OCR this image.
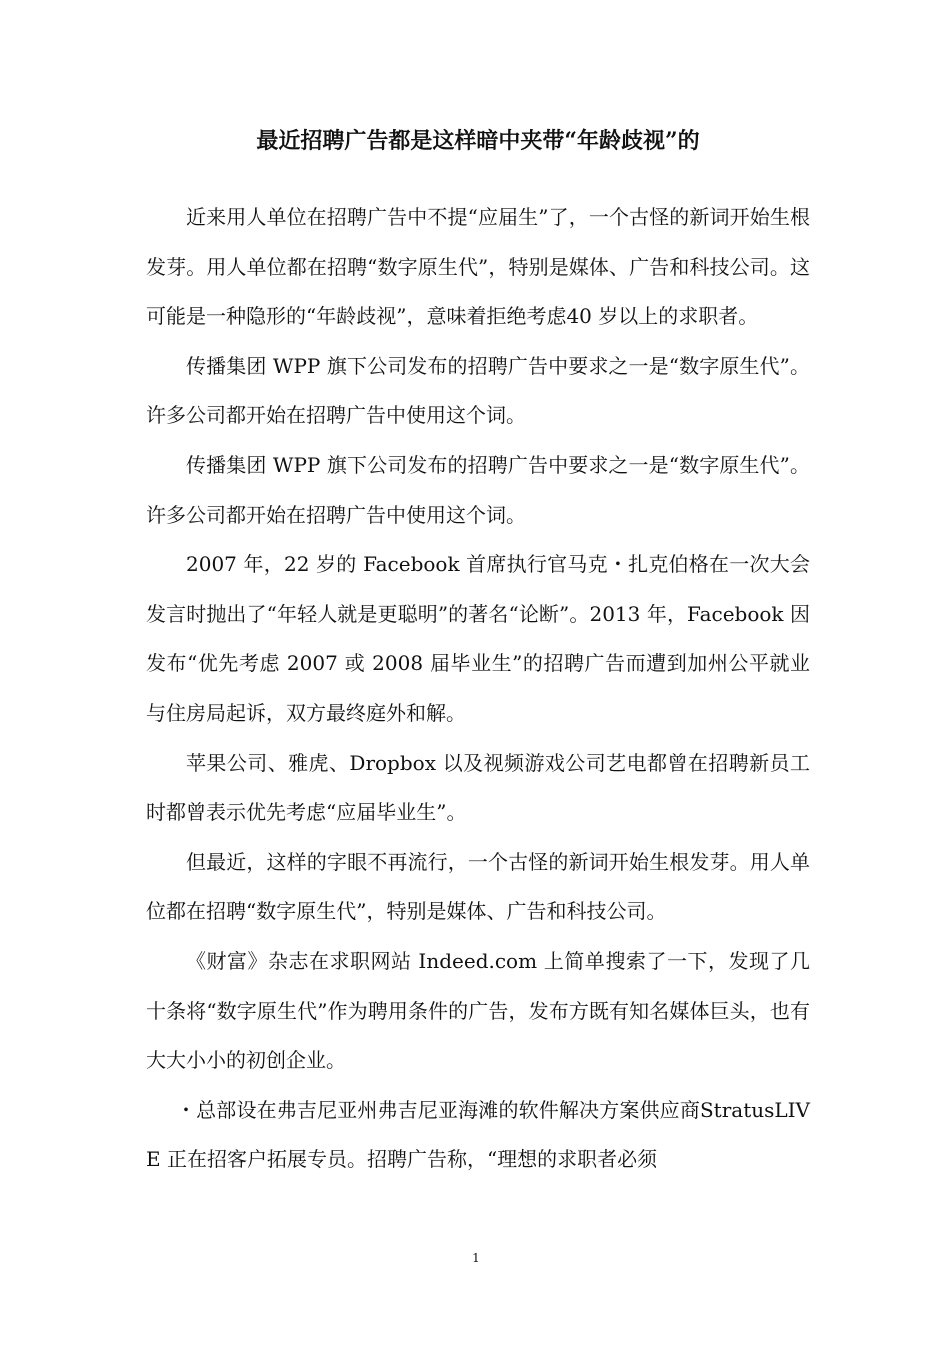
最近招聘广告都是这样暗中夹带“年龄歧视”的

近来用人单位在招聘广告中不提“应届生”了，一个古怪的新词开始生根发芽。用人单位都在招聘“数字原生代”，特别是媒体、广告和科技公司。这可能是一种隐形的“年龄歧视”，意味着拒绝考虑40 岁以上的求职者。

传播集团 WPP 旗下公司发布的招聘广告中要求之一是“数字原生代”。许多公司都开始在招聘广告中使用这个词。

传播集团 WPP 旗下公司发布的招聘广告中要求之一是“数字原生代”。许多公司都开始在招聘广告中使用这个词。

2007 年，22 岁的 Facebook 首席执行官马克・扎克伯格在一次大会发言时抛出了“年轻人就是更聪明”的著名“论断”。2013 年，Facebook 因发布“优先考虑 2007 或 2008 届毕业生”的招聘广告而遭到加州公平就业与住房局起诉，双方最终庭外和解。

苹果公司、雅虎、Dropbox 以及视频游戏公司艺电都曾在招聘新员工时都曾表示优先考虑“应届毕业生”。

但最近，这样的字眼不再流行，一个古怪的新词开始生根发芽。用人单位都在招聘“数字原生代”，特别是媒体、广告和科技公司。

《财富》杂志在求职网站 Indeed.com 上简单搜索了一下，发现了几十条将“数字原生代”作为聘用条件的广告，发布方既有知名媒体巨头，也有大大小小的初创企业。

・总部设在弗吉尼亚州弗吉尼亚海滩的软件解决方案供应商StratusLIVE 正在招客户拓展专员。招聘广告称，“理想的求职者必须

1
